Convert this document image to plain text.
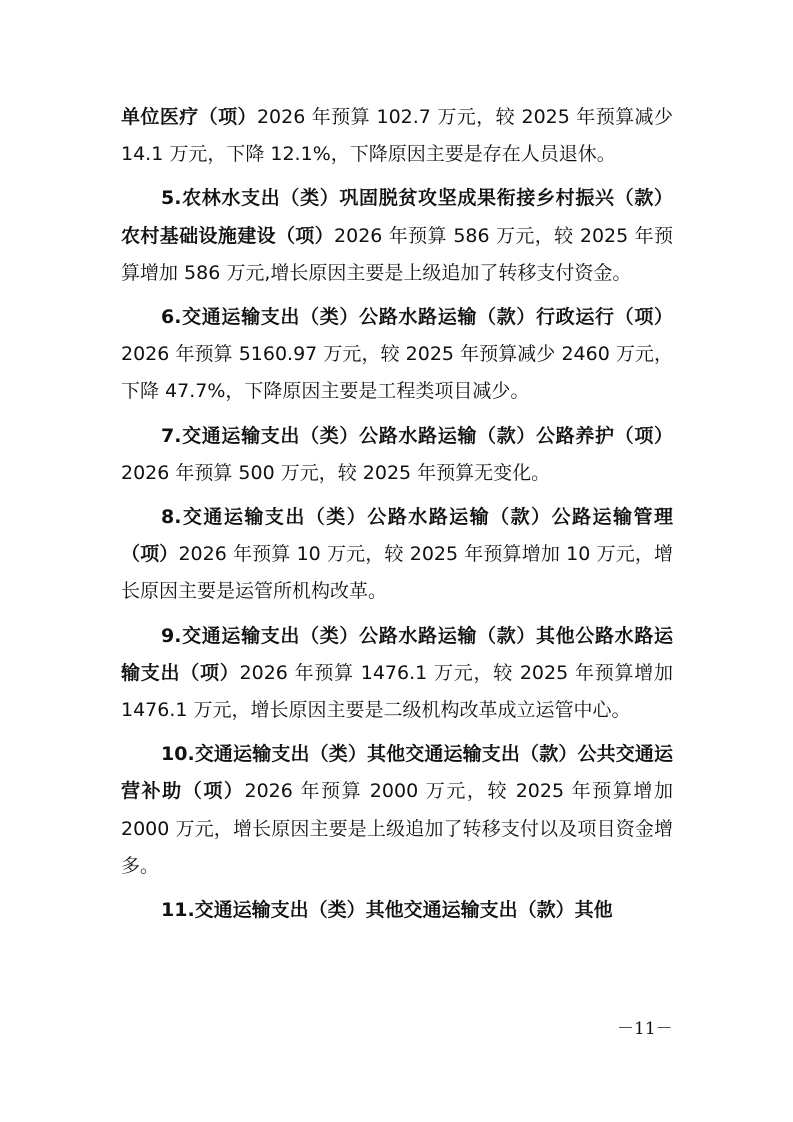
单位医疗（项）2026 年预算 102.7 万元，较 2025 年预算减少 14.1 万元，下降 12.1%，下降原因主要是存在人员退休。

5.农林水支出（类）巩固脱贫攻坚成果衔接乡村振兴（款）农村基础设施建设（项）2026 年预算 586 万元，较 2025 年预算增加 586 万元,增长原因主要是上级追加了转移支付资金。

6.交通运输支出（类）公路水路运输（款）行政运行（项）2026 年预算 5160.97 万元，较 2025 年预算减少 2460 万元，下降 47.7%，下降原因主要是工程类项目减少。

7.交通运输支出（类）公路水路运输（款）公路养护（项）2026 年预算 500 万元，较 2025 年预算无变化。

8.交通运输支出（类）公路水路运输（款）公路运输管理（项）2026 年预算 10 万元，较 2025 年预算增加 10 万元，增长原因主要是运管所机构改革。

9.交通运输支出（类）公路水路运输（款）其他公路水路运输支出（项）2026 年预算 1476.1 万元，较 2025 年预算增加 1476.1 万元，增长原因主要是二级机构改革成立运管中心。

10.交通运输支出（类）其他交通运输支出（款）公共交通运营补助（项）2026 年预算 2000 万元，较 2025 年预算增加 2000 万元，增长原因主要是上级追加了转移支付以及项目资金增多。

11.交通运输支出（类）其他交通运输支出（款）其他

－11－
